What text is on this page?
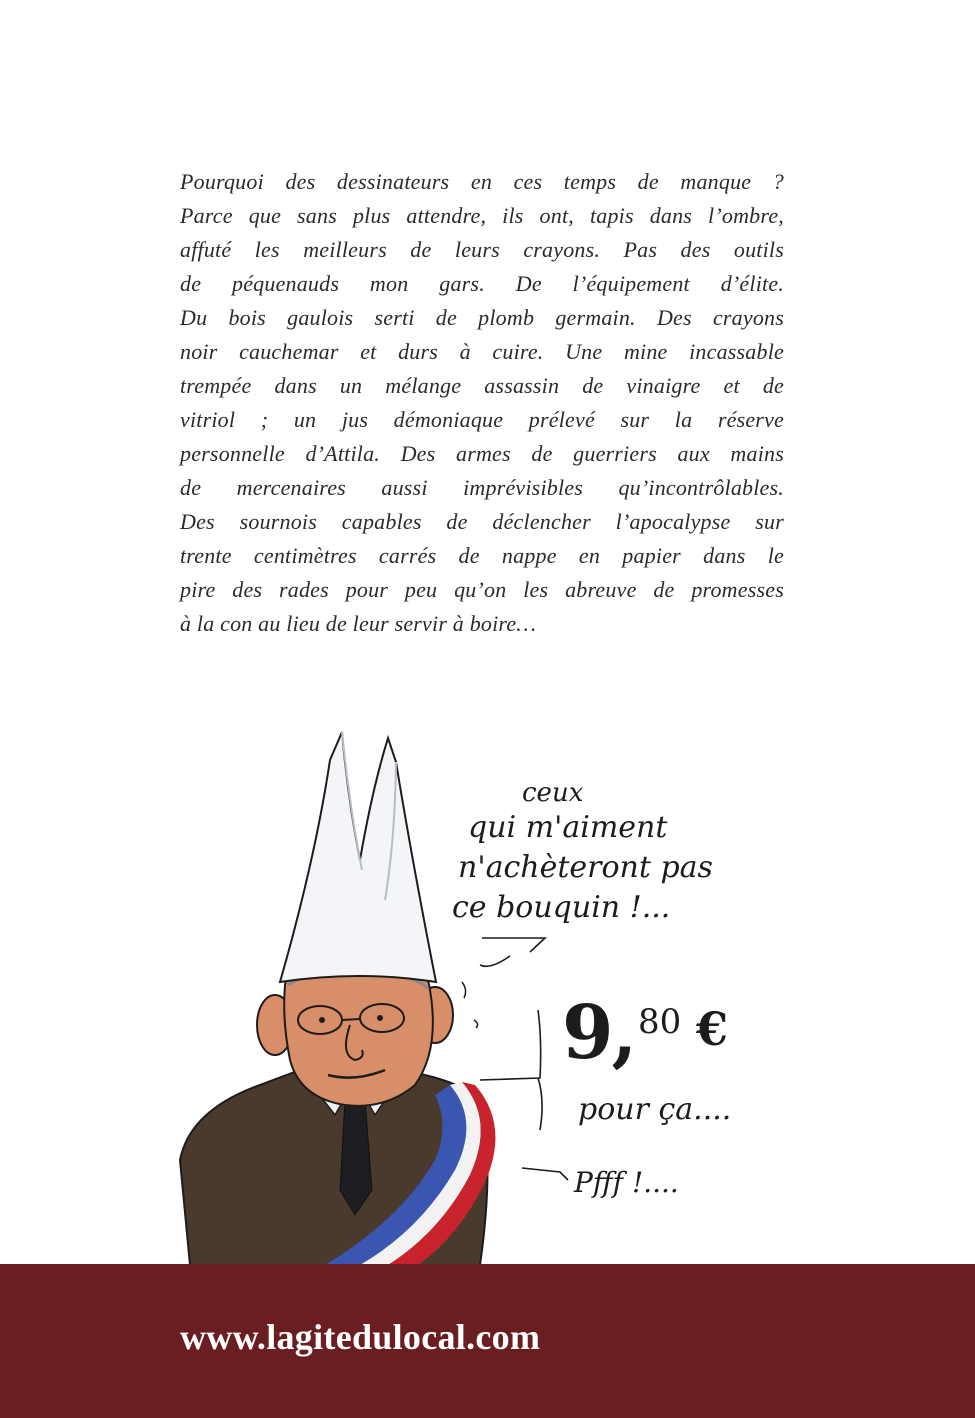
Pourquoi des dessinateurs en ces temps de manque ?
Parce que sans plus attendre, ils ont, tapis dans l’ombre,
affuté les meilleurs de leurs crayons. Pas des outils
de péquenauds mon gars. De l’équipement d’élite.
Du bois gaulois serti de plomb germain. Des crayons
noir cauchemar et durs à cuire. Une mine incassable
trempée dans un mélange assassin de vinaigre et de
vitriol ; un jus démoniaque prélevé sur la réserve
personnelle d’Attila. Des armes de guerriers aux mains
de mercenaires aussi imprévisibles qu’incontrôlables.
Des sournois capables de déclencher l’apocalypse sur
trente centimètres carrés de nappe en papier dans le
pire des rades pour peu qu’on les abreuve de promesses
à la con au lieu de leur servir à boire…
ceux
qui m'aiment
n'achèteront pas
ce bouquin !...
9, 80 €
pour ça....
Pfff !....
www.lagitedulocal.com
